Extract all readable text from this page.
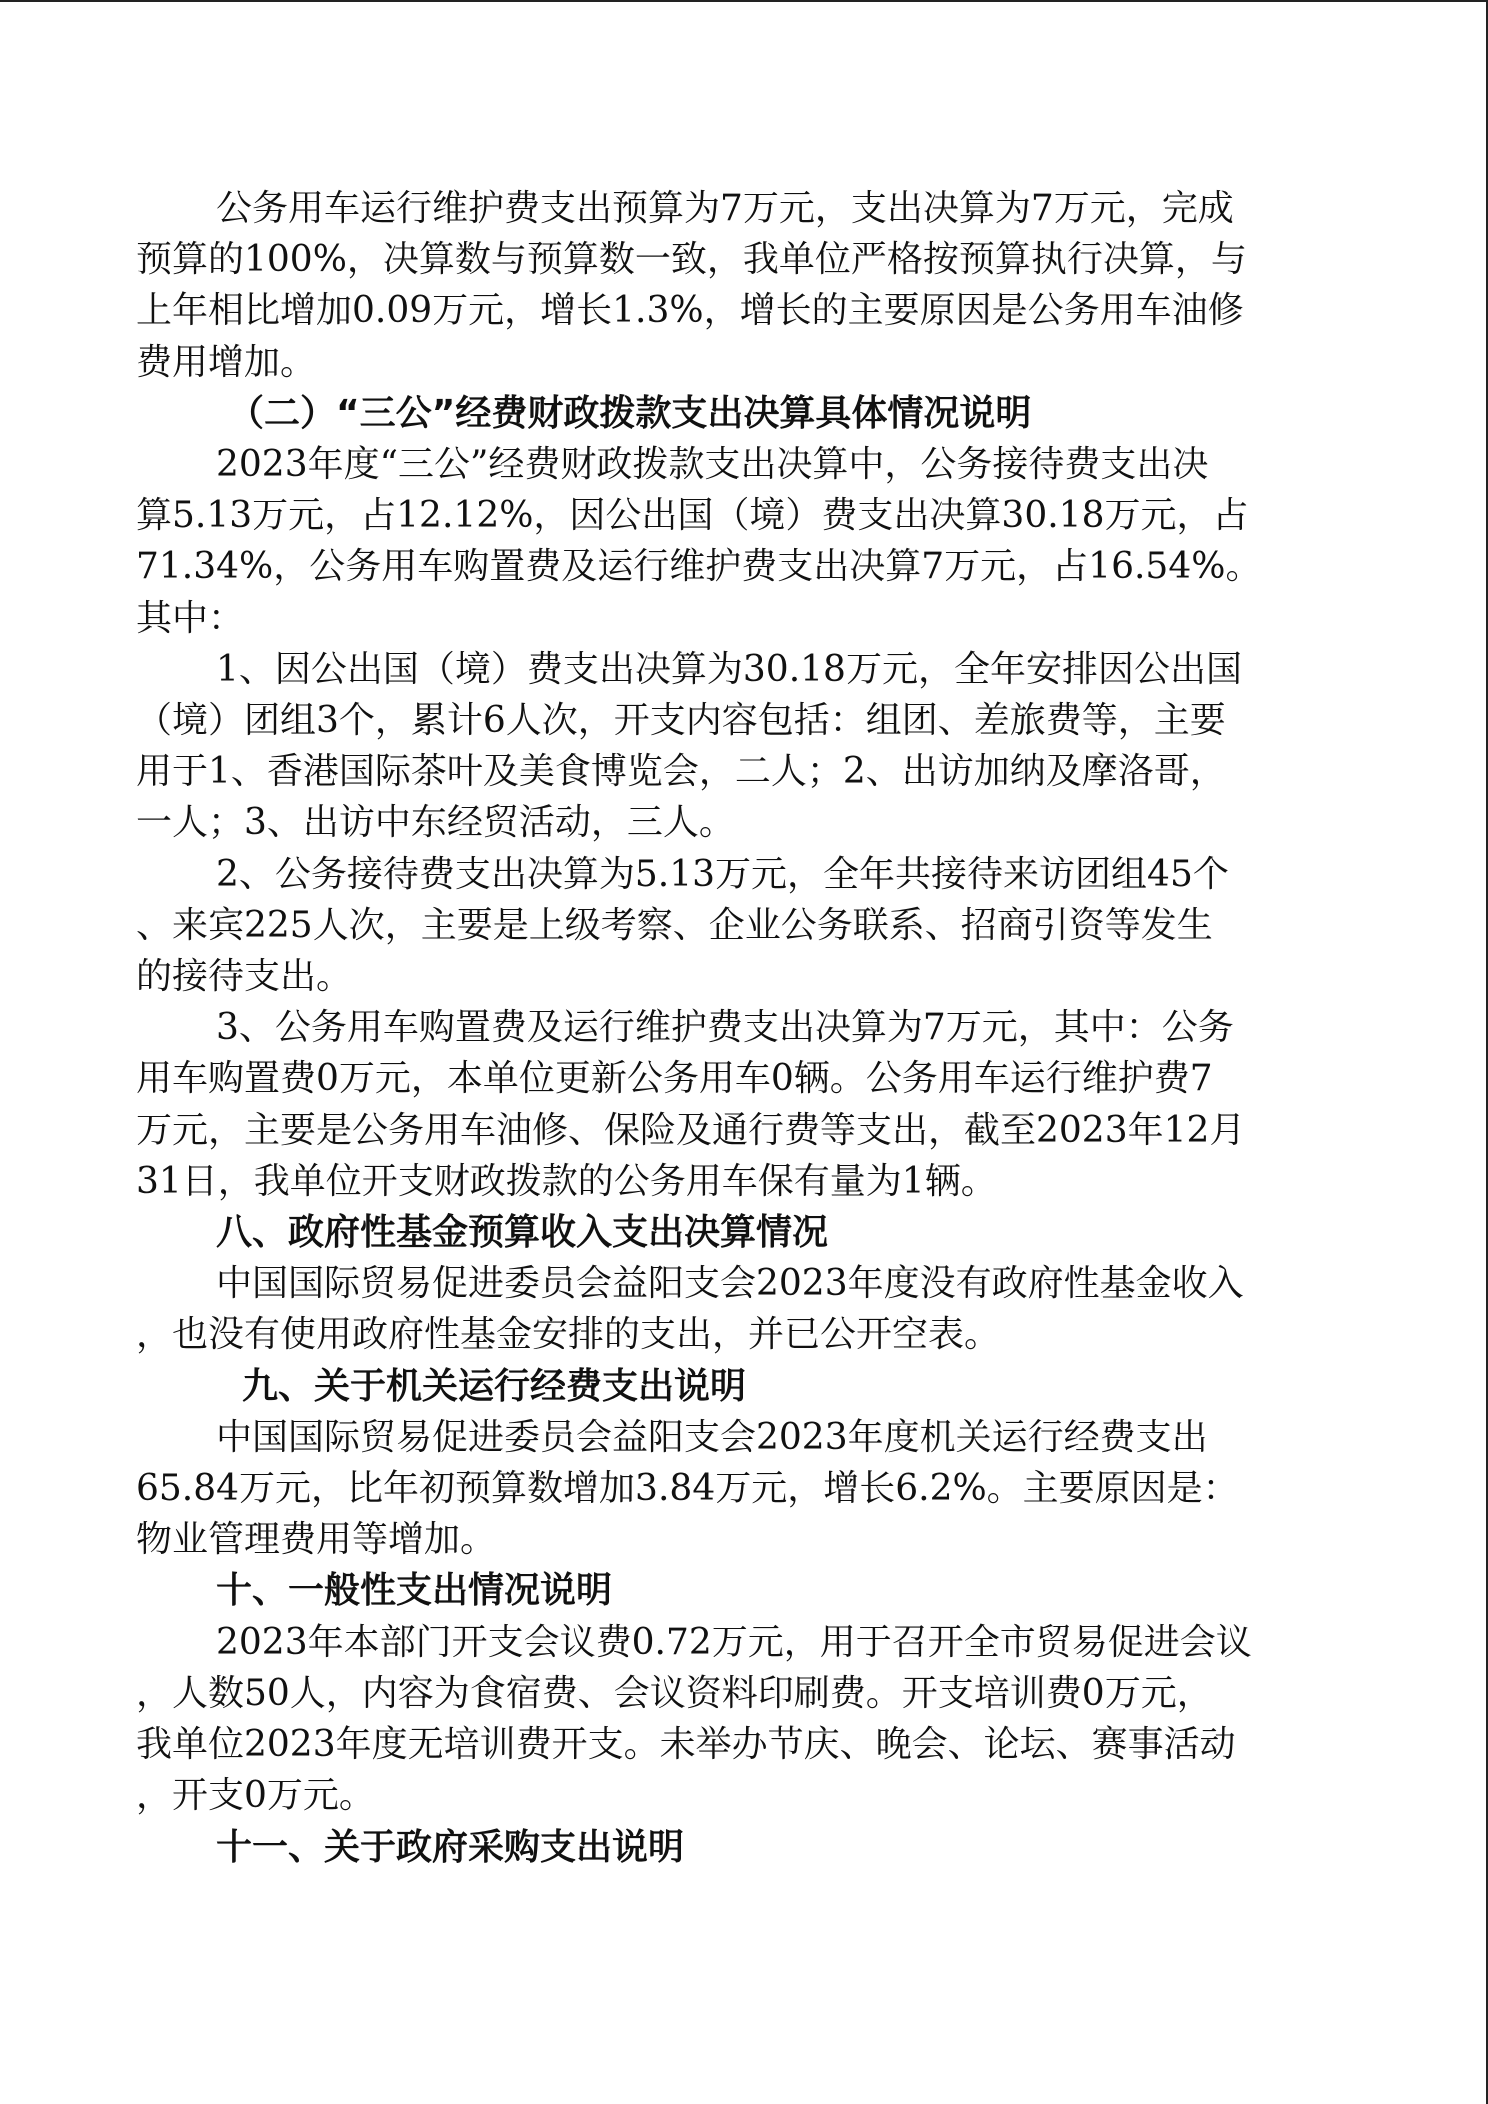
公务用车运行维护费支出预算为7万元，支出决算为7万元，完成
预算的100%，决算数与预算数一致，我单位严格按预算执行决算，与
上年相比增加0.09万元，增长1.3%，增长的主要原因是公务用车油修
费用增加。

（二）“三公”经费财政拨款支出决算具体情况说明

2023年度“三公”经费财政拨款支出决算中，公务接待费支出决
算5.13万元，占12.12%，因公出国（境）费支出决算30.18万元，占
71.34%，公务用车购置费及运行维护费支出决算7万元，占16.54%。
其中：

1、因公出国（境）费支出决算为30.18万元，全年安排因公出国
（境）团组3个，累计6人次，开支内容包括：组团、差旅费等，主要
用于1、香港国际茶叶及美食博览会，二人；2、出访加纳及摩洛哥，
一人；3、出访中东经贸活动，三人。

2、公务接待费支出决算为5.13万元，全年共接待来访团组45个
、来宾225人次，主要是上级考察、企业公务联系、招商引资等发生
的接待支出。

3、公务用车购置费及运行维护费支出决算为7万元，其中：公务
用车购置费0万元，本单位更新公务用车0辆。公务用车运行维护费7
万元，主要是公务用车油修、保险及通行费等支出，截至2023年12月
31日，我单位开支财政拨款的公务用车保有量为1辆。

八、政府性基金预算收入支出决算情况

中国国际贸易促进委员会益阳支会2023年度没有政府性基金收入
，也没有使用政府性基金安排的支出，并已公开空表。

九、关于机关运行经费支出说明

中国国际贸易促进委员会益阳支会2023年度机关运行经费支出
65.84万元，比年初预算数增加3.84万元，增长6.2%。主要原因是：
物业管理费用等增加。

十、一般性支出情况说明

2023年本部门开支会议费0.72万元，用于召开全市贸易促进会议
，人数50人，内容为食宿费、会议资料印刷费。开支培训费0万元，
我单位2023年度无培训费开支。未举办节庆、晚会、论坛、赛事活动
，开支0万元。

十一、关于政府采购支出说明
